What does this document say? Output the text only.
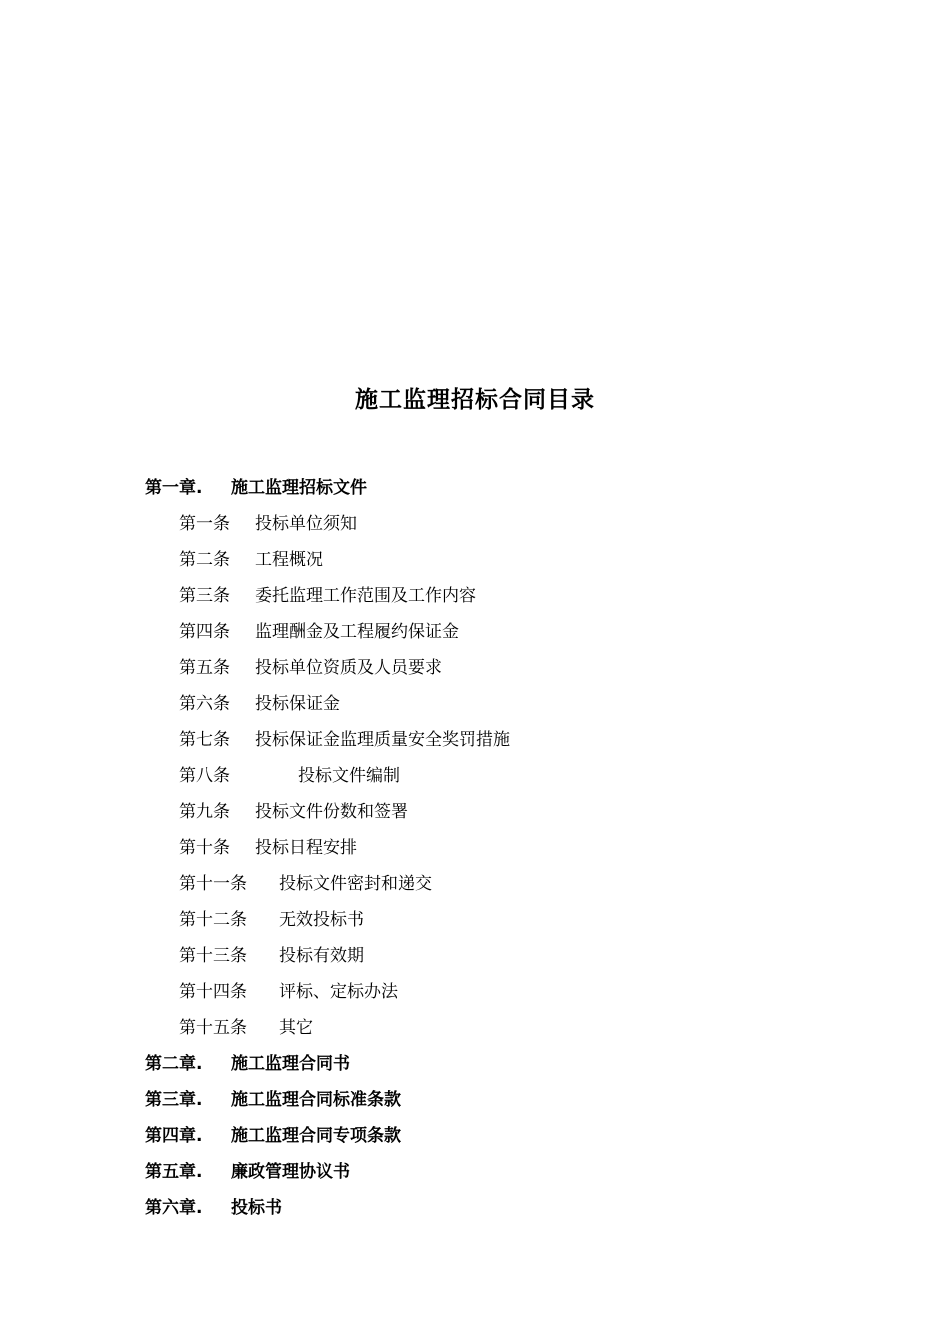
施工监理招标合同目录
第一章. 施工监理招标文件
第一条 投标单位须知
第二条 工程概况
第三条 委托监理工作范围及工作内容
第四条 监理酬金及工程履约保证金
第五条 投标单位资质及人员要求
第六条 投标保证金
第七条 投标保证金监理质量安全奖罚措施
第八条	投标文件编制
第九条 投标文件份数和签署
第十条 投标日程安排
第十一条 投标文件密封和递交
第十二条 无效投标书
第十三条 投标有效期
第十四条 评标、定标办法
第十五条 其它
第二章. 施工监理合同书
第三章. 施工监理合同标准条款
第四章. 施工监理合同专项条款
第五章. 廉政管理协议书
第六章. 投标书
